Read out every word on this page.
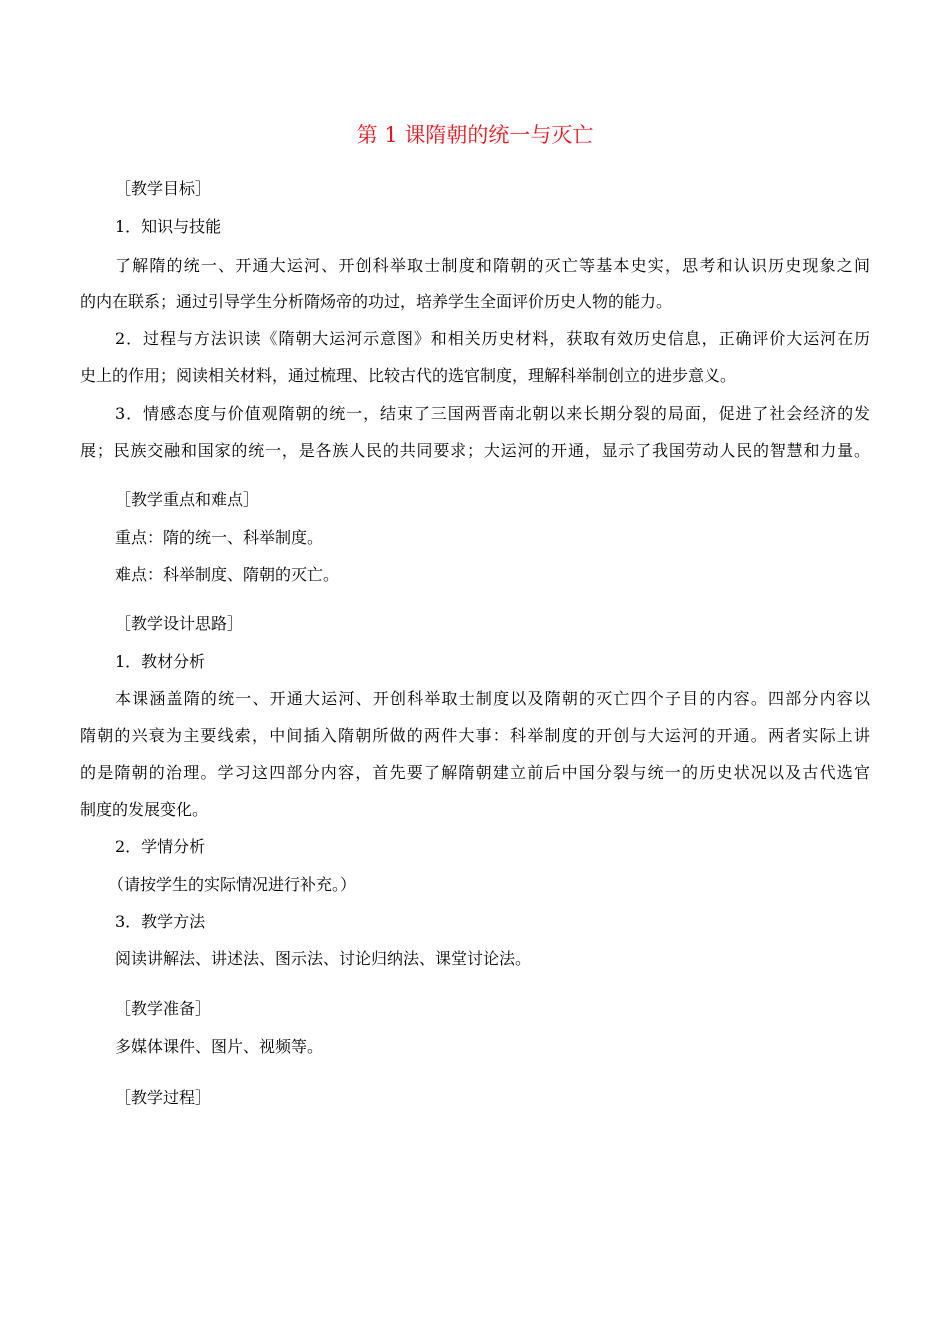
第 1 课隋朝的统一与灭亡
［教学目标］
1．知识与技能
了解隋的统一、开通大运河、开创科举取士制度和隋朝的灭亡等基本史实，思考和认识历史现象之间
的内在联系；通过引导学生分析隋炀帝的功过，培养学生全面评价历史人物的能力。
2．过程与方法识读《隋朝大运河示意图》和相关历史材料，获取有效历史信息，正确评价大运河在历
史上的作用；阅读相关材料，通过梳理、比较古代的选官制度，理解科举制创立的进步意义。
3．情感态度与价值观隋朝的统一，结束了三国两晋南北朝以来长期分裂的局面，促进了社会经济的发
展；民族交融和国家的统一，是各族人民的共同要求；大运河的开通，显示了我国劳动人民的智慧和力量。
［教学重点和难点］
重点：隋的统一、科举制度。
难点：科举制度、隋朝的灭亡。
［教学设计思路］
1．教材分析
本课涵盖隋的统一、开通大运河、开创科举取士制度以及隋朝的灭亡四个子目的内容。四部分内容以
隋朝的兴衰为主要线索，中间插入隋朝所做的两件大事：科举制度的开创与大运河的开通。两者实际上讲
的是隋朝的治理。学习这四部分内容，首先要了解隋朝建立前后中国分裂与统一的历史状况以及古代选官
制度的发展变化。
2．学情分析
（请按学生的实际情况进行补充。）
3．教学方法
阅读讲解法、讲述法、图示法、讨论归纳法、课堂讨论法。
［教学准备］
多媒体课件、图片、视频等。
［教学过程］
